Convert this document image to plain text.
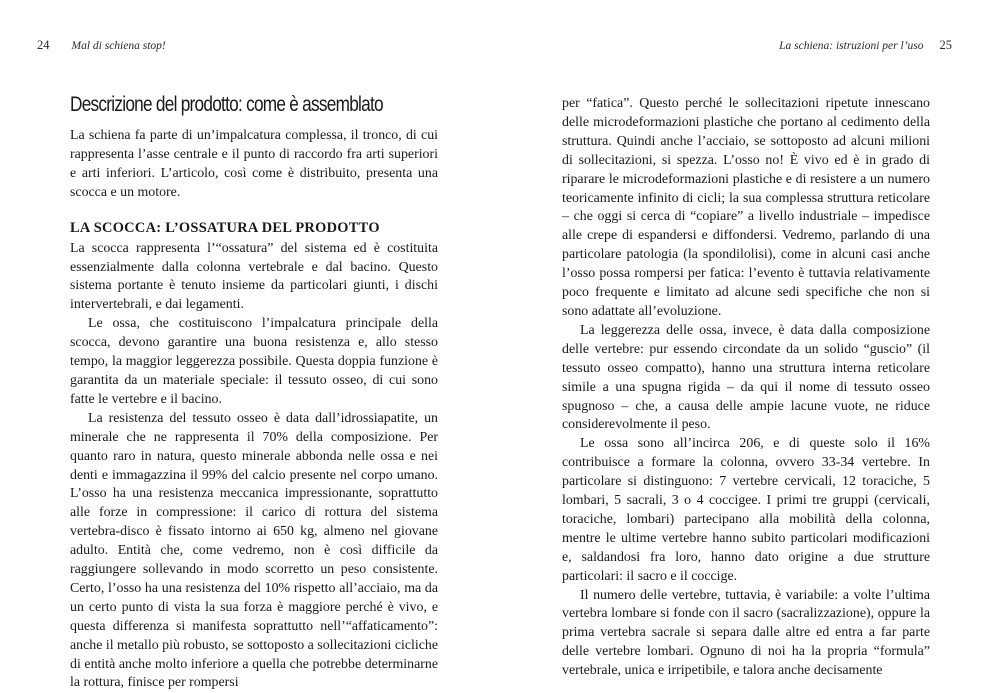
24 Mal di schiena stop!
Descrizione del prodotto: come è assemblato

La schiena fa parte di un’impalcatura complessa, il tronco, di cui rappresenta l’asse centrale e il punto di raccordo fra arti superiori e arti inferiori. L’articolo, così come è distribuito, presenta una scocca e un motore.

LA SCOCCA: L’OSSATURA DEL PRODOTTO

La scocca rappresenta l’“ossatura” del sistema ed è costituita essenzialmente dalla colonna vertebrale e dal bacino. Questo sistema portante è tenuto insieme da particolari giunti, i dischi intervertebrali, e dai legamenti.

Le ossa, che costituiscono l’impalcatura principale della scocca, devono garantire una buona resistenza e, allo stesso tempo, la maggior leggerezza possibile. Questa doppia funzione è garantita da un materiale speciale: il tessuto osseo, di cui sono fatte le vertebre e il bacino.

La resistenza del tessuto osseo è data dall’idrossiapatite, un minerale che ne rappresenta il 70% della composizione. Per quanto raro in natura, questo minerale abbonda nelle ossa e nei denti e immagazzina il 99% del calcio presente nel corpo umano. L’osso ha una resistenza meccanica impressionante, soprattutto alle forze in compressione: il carico di rottura del sistema vertebra-disco è fissato intorno ai 650 kg, almeno nel giovane adulto. Entità che, come vedremo, non è così difficile da raggiungere sollevando in modo scorretto un peso consistente. Certo, l’osso ha una resistenza del 10% rispetto all’acciaio, ma da un certo punto di vista la sua forza è maggiore perché è vivo, e questa differenza si manifesta soprattutto nell’“affaticamento”: anche il metallo più robusto, se sottoposto a sollecitazioni cicliche di entità anche molto inferiore a quella che potrebbe determinarne la rottura, finisce per rompersi

La schiena: istruzioni per l’uso 25

per “fatica”. Questo perché le sollecitazioni ripetute innescano delle microdeformazioni plastiche che portano al cedimento della struttura. Quindi anche l’acciaio, se sottoposto ad alcuni milioni di sollecitazioni, si spezza. L’osso no! È vivo ed è in grado di riparare le microdeformazioni plastiche e di resistere a un numero teoricamente infinito di cicli; la sua complessa struttura reticolare – che oggi si cerca di “copiare” a livello industriale – impedisce alle crepe di espandersi e diffondersi. Vedremo, parlando di una particolare patologia (la spondilolisi), come in alcuni casi anche l’osso possa rompersi per fatica: l’evento è tuttavia relativamente poco frequente e limitato ad alcune sedi specifiche che non si sono adattate all’evoluzione.

La leggerezza delle ossa, invece, è data dalla composizione delle vertebre: pur essendo circondate da un solido “guscio” (il tessuto osseo compatto), hanno una struttura interna reticolare simile a una spugna rigida – da qui il nome di tessuto osseo spugnoso – che, a causa delle ampie lacune vuote, ne riduce considerevolmente il peso.

Le ossa sono all’incirca 206, e di queste solo il 16% contribuisce a formare la colonna, ovvero 33-34 vertebre. In particolare si distinguono: 7 vertebre cervicali, 12 toraciche, 5 lombari, 5 sacrali, 3 o 4 coccigee. I primi tre gruppi (cervicali, toraciche, lombari) partecipano alla mobilità della colonna, mentre le ultime vertebre hanno subito particolari modificazioni e, saldandosi fra loro, hanno dato origine a due strutture particolari: il sacro e il coccige.

Il numero delle vertebre, tuttavia, è variabile: a volte l’ultima vertebra lombare si fonde con il sacro (sacralizzazione), oppure la prima vertebra sacrale si separa dalle altre ed entra a far parte delle vertebre lombari. Ognuno di noi ha la propria “formula” vertebrale, unica e irripetibile, e talora anche decisamente
